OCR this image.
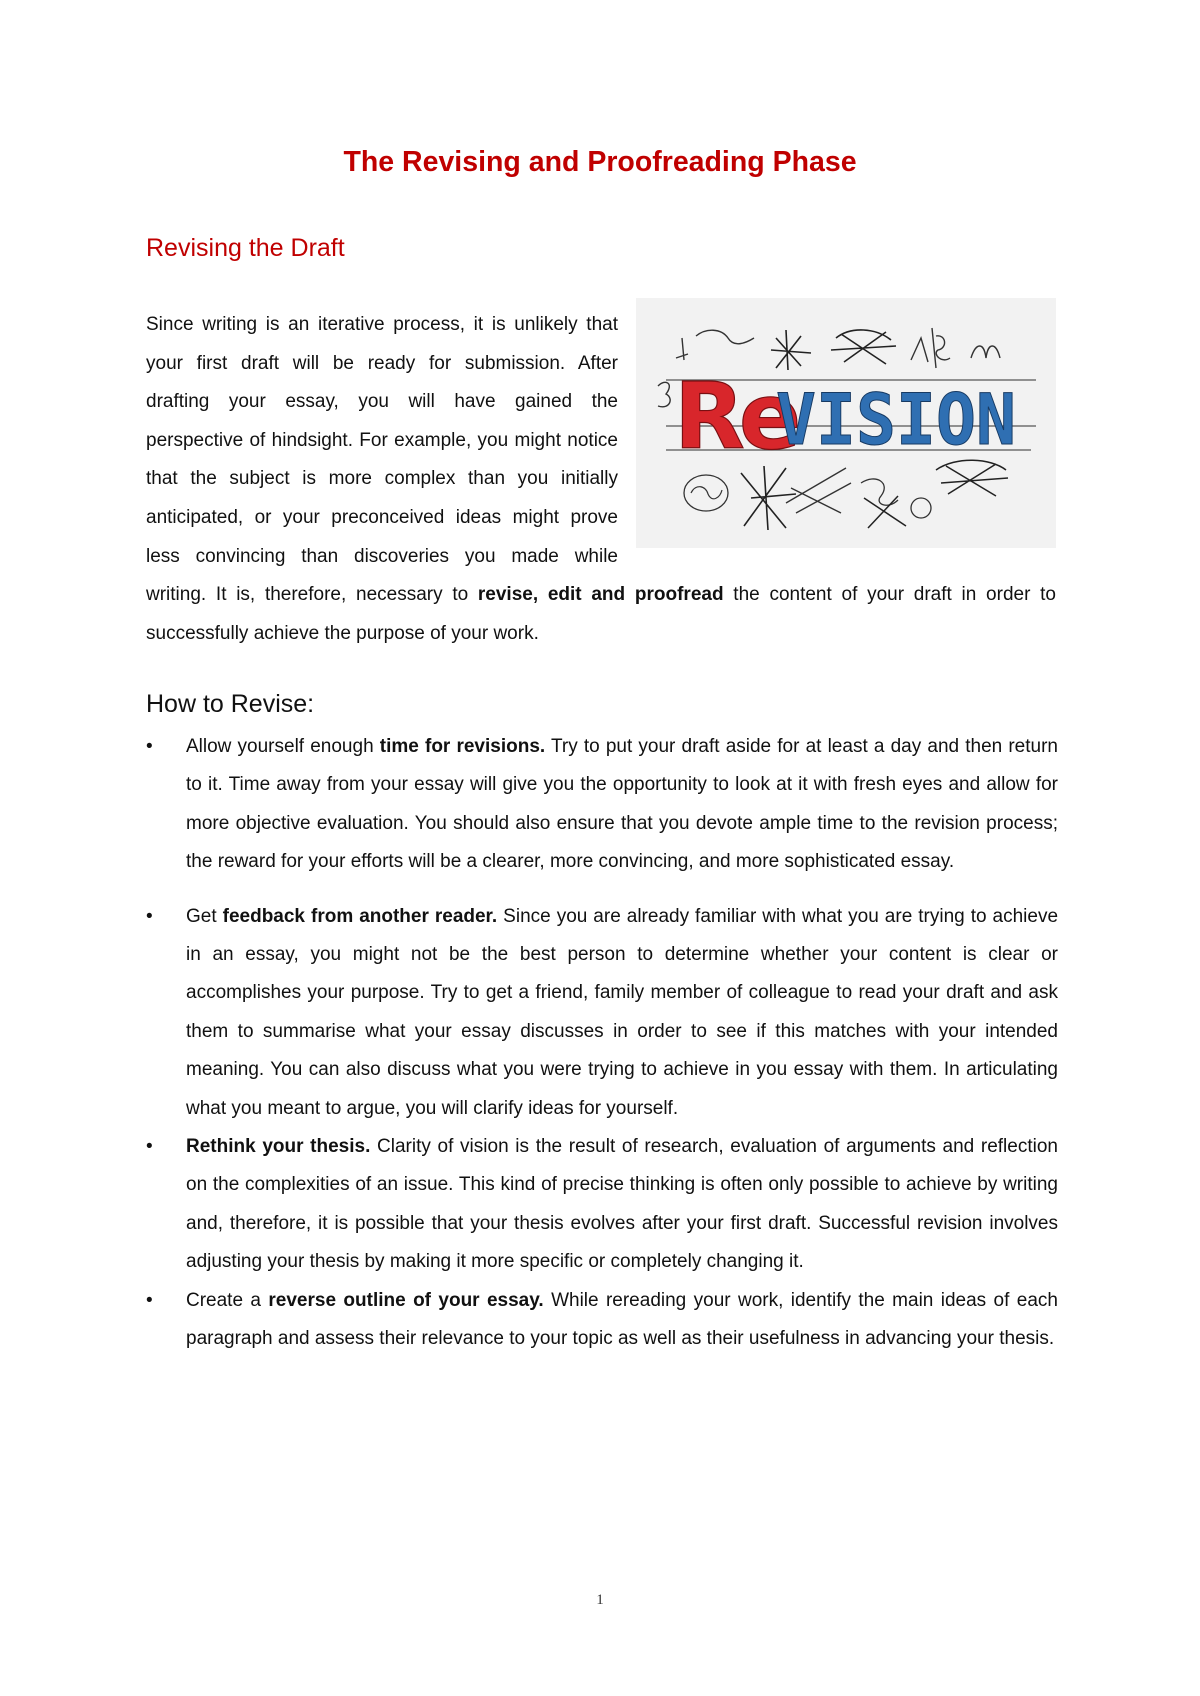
The Revising and Proofreading Phase
Revising the Draft
Re
VISION
Since writing is an iterative process, it is unlikely that your first draft will be ready for submission. After drafting your essay, you will have gained the perspective of hindsight. For example, you might notice that the subject is more complex than you initially anticipated, or your preconceived ideas might prove less convincing than discoveries you made while writing. It is, therefore, necessary to revise, edit and proofread the content of your draft in order to successfully achieve the purpose of your work.
How to Revise:
• Allow yourself enough time for revisions. Try to put your draft aside for at least a day and then return to it. Time away from your essay will give you the opportunity to look at it with fresh eyes and allow for more objective evaluation. You should also ensure that you devote ample time to the revision process; the reward for your efforts will be a clearer, more convincing, and more sophisticated essay.
• Get feedback from another reader. Since you are already familiar with what you are trying to achieve in an essay, you might not be the best person to determine whether your content is clear or accomplishes your purpose. Try to get a friend, family member of colleague to read your draft and ask them to summarise what your essay discusses in order to see if this matches with your intended meaning. You can also discuss what you were trying to achieve in you essay with them. In articulating what you meant to argue, you will clarify ideas for yourself.
• Rethink your thesis. Clarity of vision is the result of research, evaluation of arguments and reflection on the complexities of an issue. This kind of precise thinking is often only possible to achieve by writing and, therefore, it is possible that your thesis evolves after your first draft. Successful revision involves adjusting your thesis by making it more specific or completely changing it.
• Create a reverse outline of your essay. While rereading your work, identify the main ideas of each paragraph and assess their relevance to your topic as well as their usefulness in advancing your thesis.
1
